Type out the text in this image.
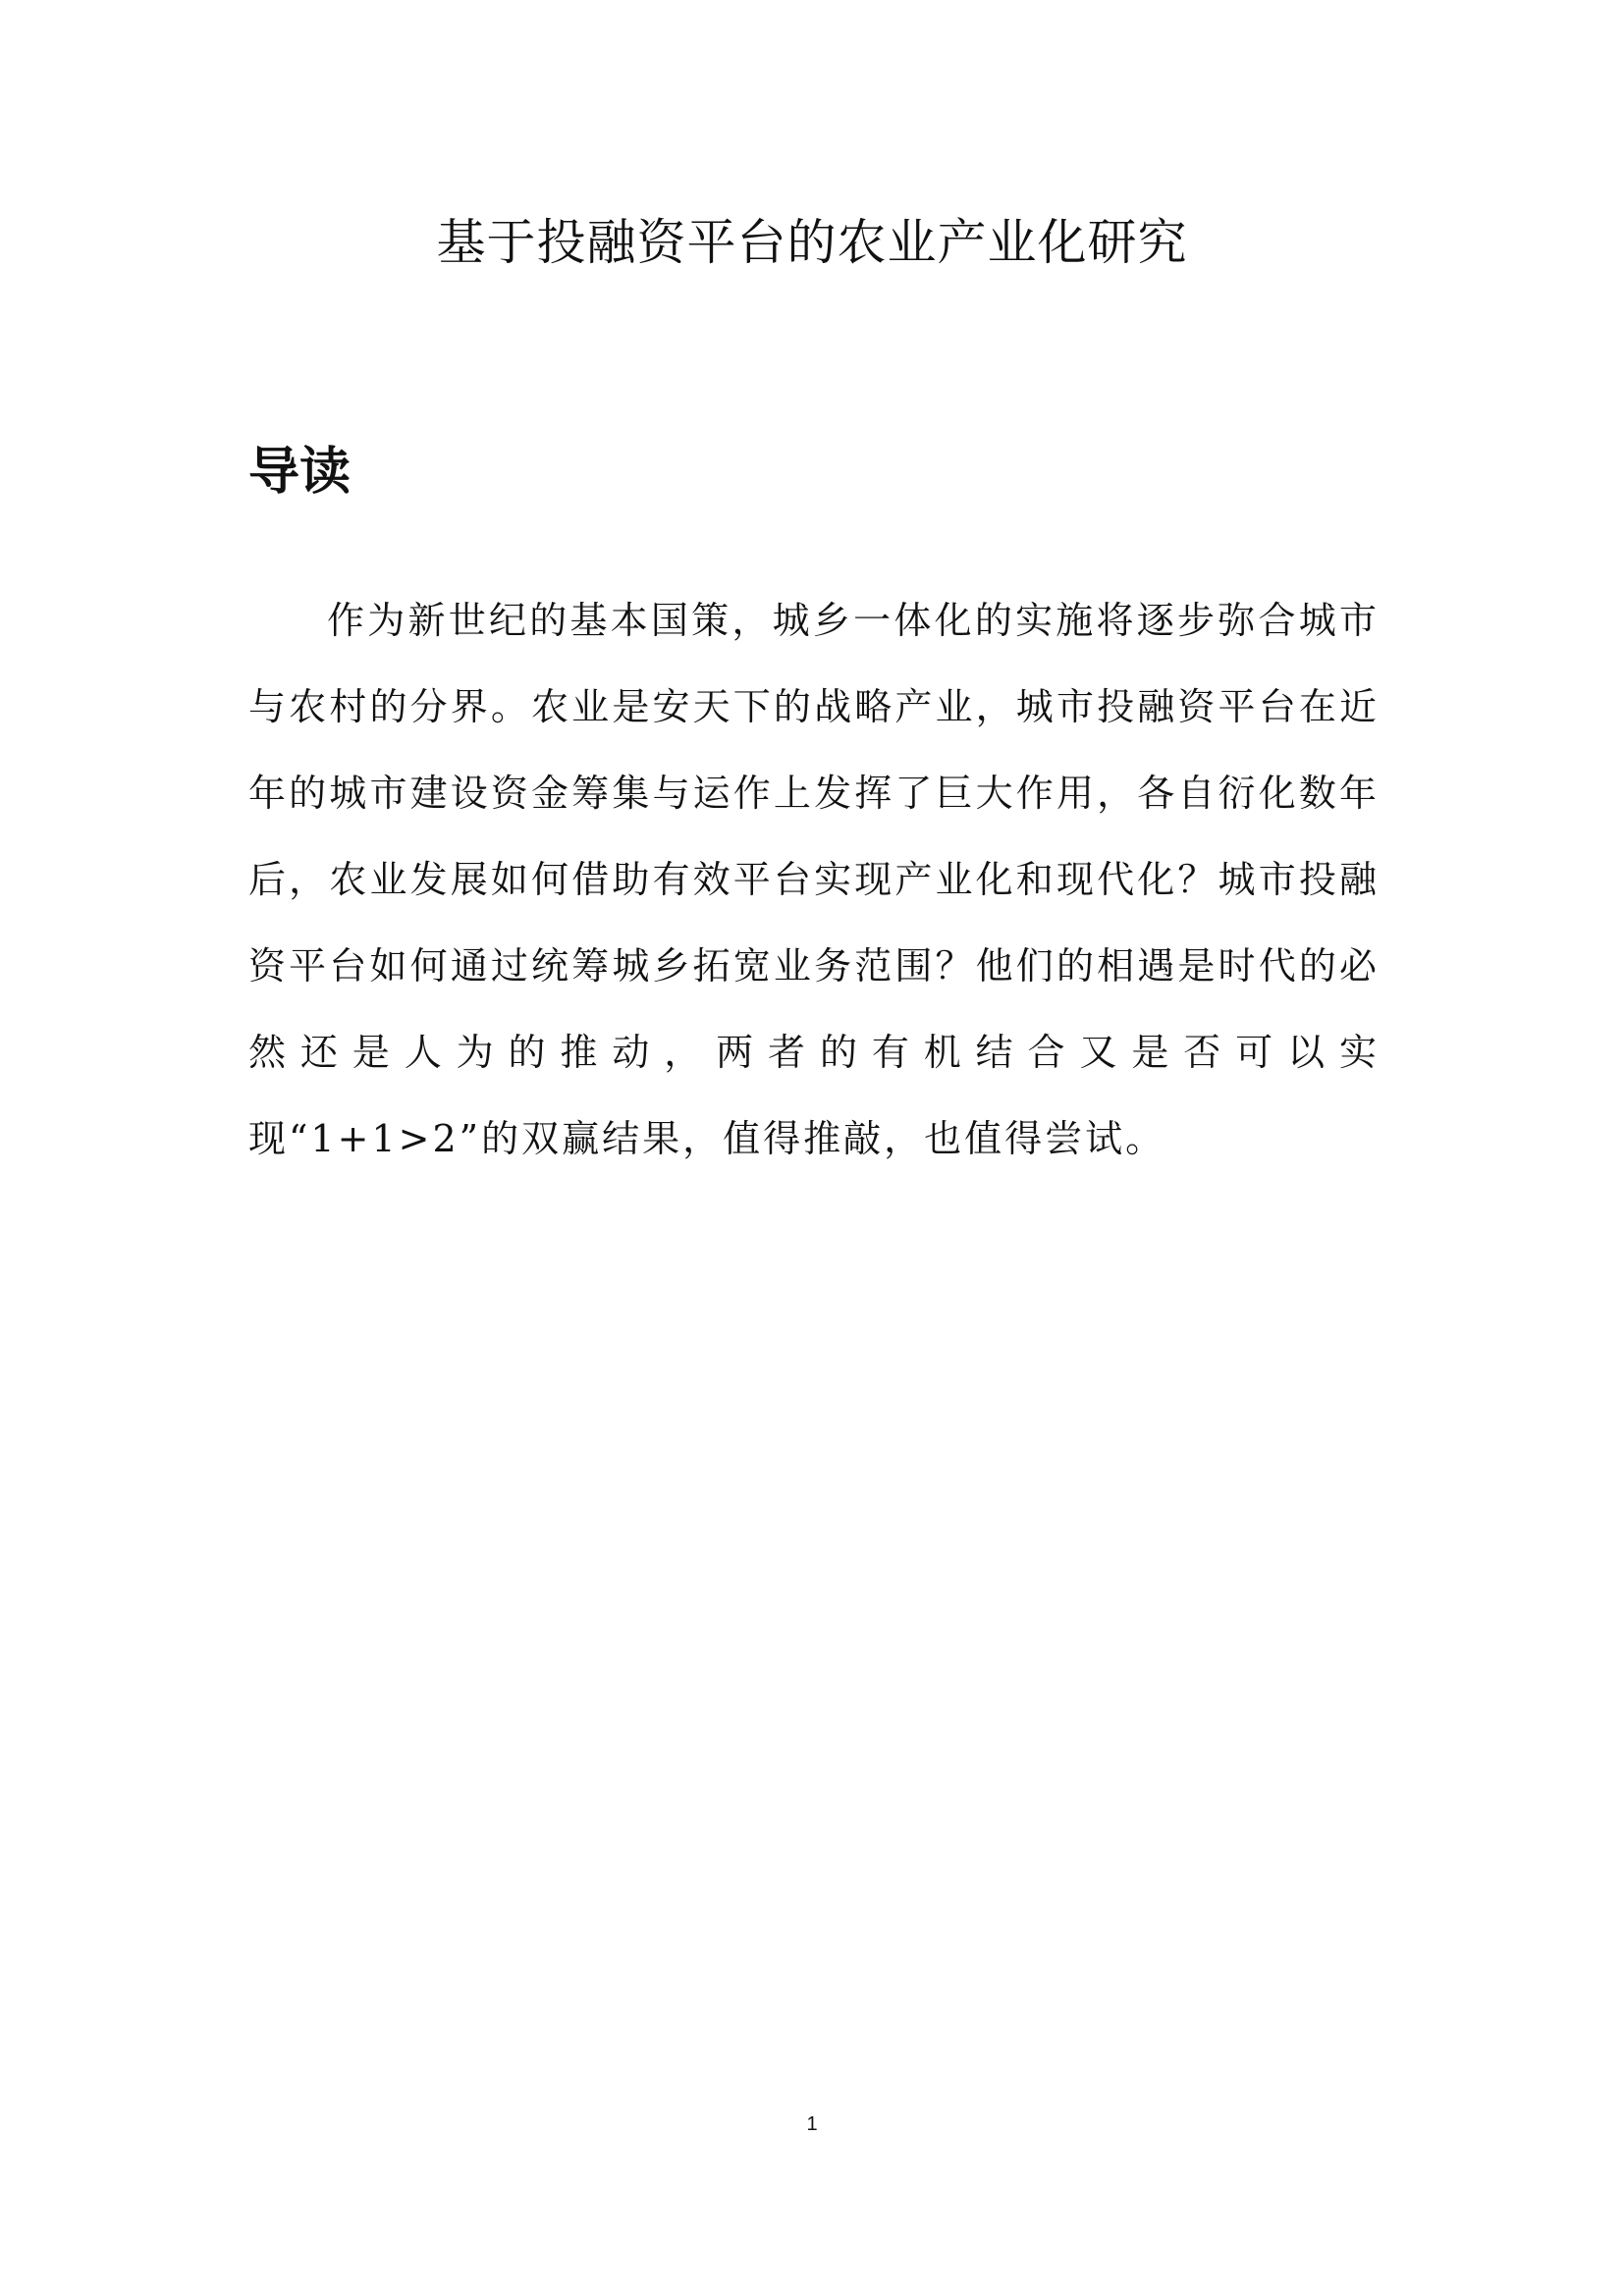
基于投融资平台的农业产业化研究
导读

作为新世纪的基本国策，城乡一体化的实施将逐步弥合城市与农村的分界。农业是安天下的战略产业，城市投融资平台在近年的城市建设资金筹集与运作上发挥了巨大作用，各自衍化数年后，农业发展如何借助有效平台实现产业化和现代化？城市投融资平台如何通过统筹城乡拓宽业务范围？他们的相遇是时代的必然还是人为的推动，两者的有机结合又是否可以实现“1+1>2”的双赢结果，值得推敲，也值得尝试。

1
